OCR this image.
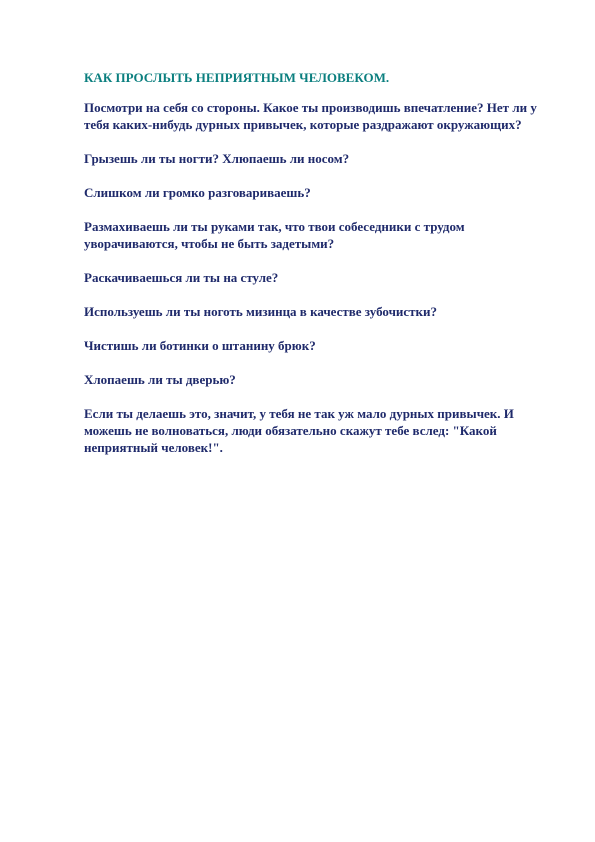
КАК ПРОСЛЫТЬ НЕПРИЯТНЫМ ЧЕЛОВЕКОМ.

Посмотри на себя со стороны. Какое ты производишь впечатление? Нет ли у тебя каких-нибудь дурных привычек, которые раздражают окружающих?

Грызешь ли ты ногти? Хлюпаешь ли носом?

Слишком ли громко разговариваешь?

Размахиваешь ли ты руками так, что твои собеседники с трудом уворачиваются, чтобы не быть задетыми?

Раскачиваешься ли ты на стуле?

Используешь ли ты ноготь мизинца в качестве зубочистки?

Чистишь ли ботинки о штанину брюк?

Хлопаешь ли ты дверью?

Если ты делаешь это, значит, у тебя не так уж мало дурных привычек. И можешь не волноваться, люди обязательно скажут тебе вслед: "Какой неприятный человек!".
